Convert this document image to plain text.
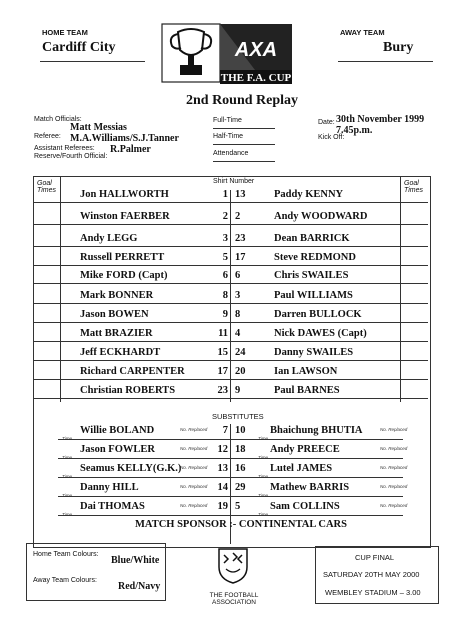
HOME TEAM
Cardiff City
AWAY TEAM
Bury
AXA
THE F.A. CUP
2nd Round Replay
Match Officials:
Matt Messias
Referee: M.A.Williams/S.J.Tanner
Assistant Referees: R.Palmer
Reserve/Fourth Official:
Full-Time
Half-Time
Attendance
Date: 30th November 1999
7.45p.m.
Kick Off:
Goal Times
Goal Times
Shirt Number
Jon HALLWORTH	1 13	Paddy KENNY
Winston FAERBER	2 2	Andy WOODWARD
Andy LEGG	3 23	Dean BARRICK
Russell PERRETT	5 17	Steve REDMOND
Mike FORD (Capt)	6 6	Chris SWAILES
Mark BONNER	8 3	Paul WILLIAMS
Jason BOWEN	9 8	Darren BULLOCK
Matt BRAZIER	11 4	Nick DAWES (Capt)
Jeff ECKHARDT	15 24	Danny SWAILES
Richard CARPENTER	17 20	Ian LAWSON
Christian ROBERTS	23 9	Paul BARNES
SUBSTITUTES
Willie BOLAND	7 10 Bhaichung BHUTIA
No. Replaced	No. Replaced
Time	Time
Jason FOWLER	12 18 Andy PREECE
No. Replaced	No. Replaced
Time	Time
Seamus KELLY(G.K.)	13 16 Lutel JAMES
No. Replaced	No. Replaced
Time	Time
Danny HILL	14 29 Mathew BARRIS
No. Replaced	No. Replaced
Time	Time
Dai THOMAS	19 5	Sam COLLINS
No. Replaced	No. Replaced
Time	Time
MATCH SPONSOR :- CONTINENTAL CARS
Home Team Colours:
Blue/White
Away Team Colours:
Red/Navy
THE FOOTBALL ASSOCIATION
CUP FINAL
SATURDAY 20TH MAY 2000
WEMBLEY STADIUM – 3.00
